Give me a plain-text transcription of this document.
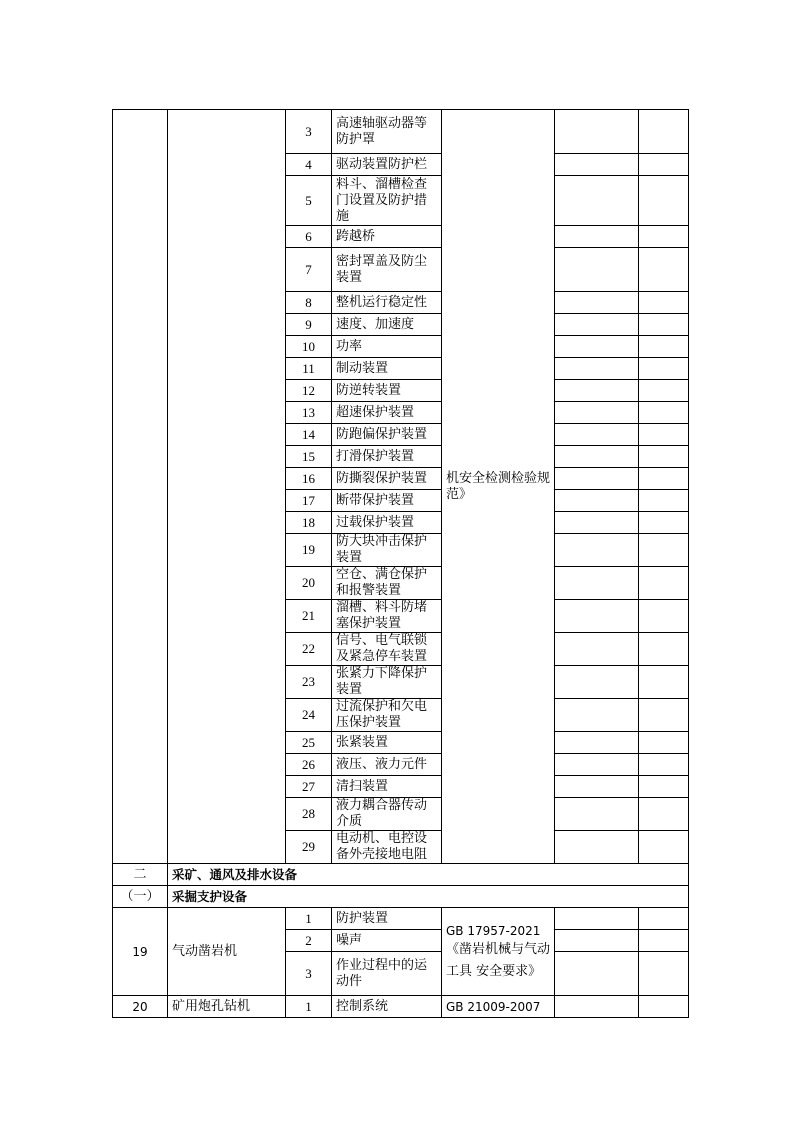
		3	高速轴驱动器等防护罩	机安全检测检验规范》		
		4	驱动装置防护栏			
		5	料斗、溜槽检查门设置及防护措施			
		6	跨越桥			
		7	密封罩盖及防尘装置			
		8	整机运行稳定性			
		9	速度、加速度			
		10	功率			
		11	制动装置			
		12	防逆转装置			
		13	超速保护装置			
		14	防跑偏保护装置			
		15	打滑保护装置			
		16	防撕裂保护装置			
		17	断带保护装置			
		18	过载保护装置			
		19	防大块冲击保护装置			
		20	空仓、满仓保护和报警装置			
		21	溜槽、料斗防堵塞保护装置			
		22	信号、电气联锁及紧急停车装置			
		23	张紧力下降保护装置			
		24	过流保护和欠电压保护装置			
		25	张紧装置			
		26	液压、液力元件			
		27	清扫装置			
		28	液力耦合器传动介质			
		29	电动机、电控设备外壳接地电阻			
二	采矿、通风及排水设备					
（一）	采掘支护设备					
19	气动凿岩机	1	防护装置	GB 17957-2021
《凿岩机械与气动工具 安全要求》		

		2	噪声			
		3	作业过程中的运动件			
20	矿用炮孔钻机	1	控制系统	GB 21009-2007		
